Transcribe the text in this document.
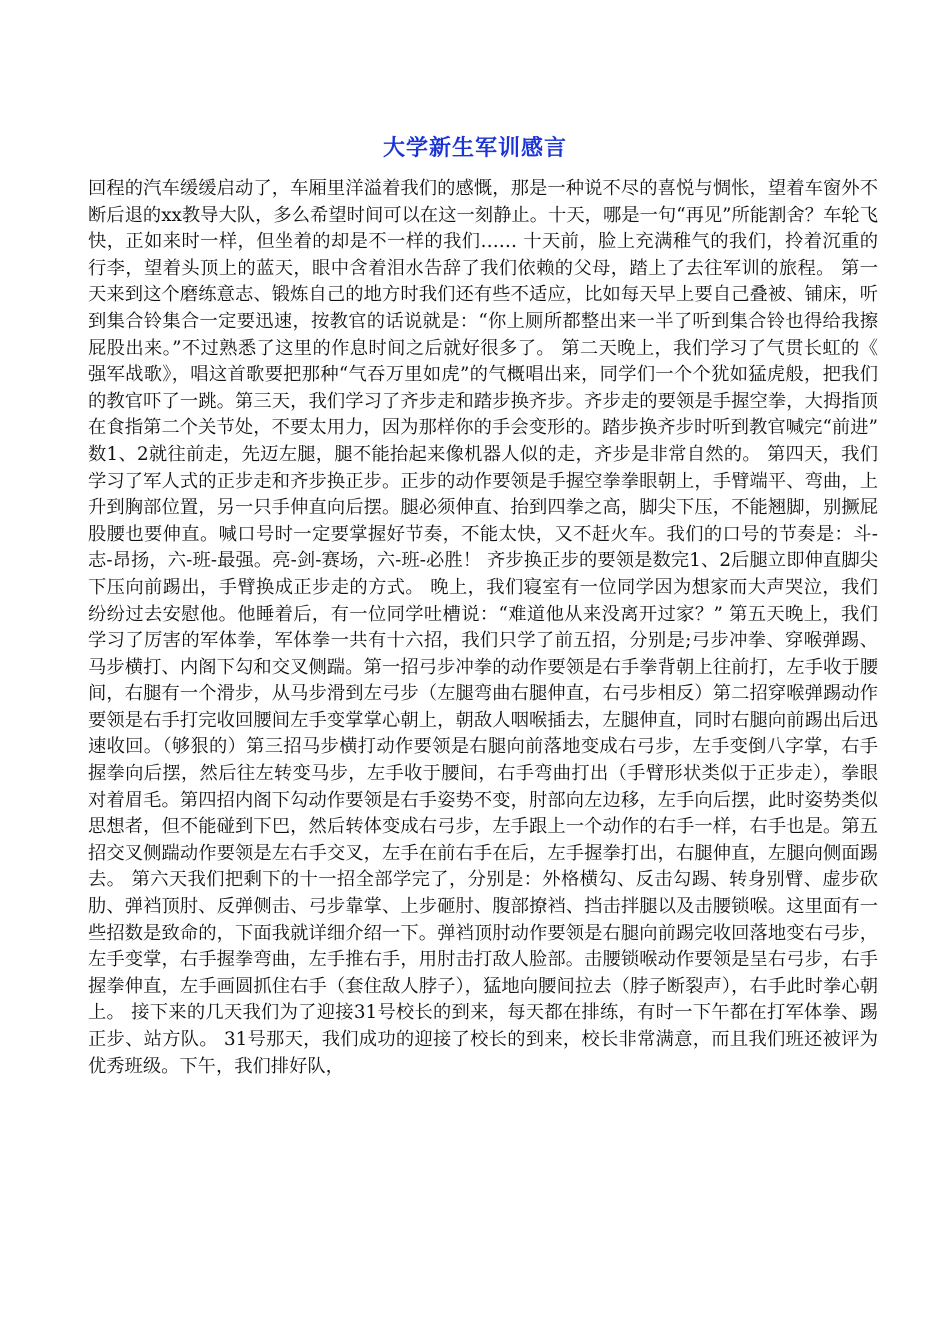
大学新生军训感言
回程的汽车缓缓启动了，车厢里洋溢着我们的感慨，那是一种说不尽的喜悦与惆怅，望着车窗外不断后退的xx教导大队，多么希望时间可以在这一刻静止。十天，哪是一句“再见”所能割舍？车轮飞快，正如来时一样，但坐着的却是不一样的我们…… 十天前，脸上充满稚气的我们，拎着沉重的行李，望着头顶上的蓝天，眼中含着泪水告辞了我们依赖的父母，踏上了去往军训的旅程。 第一天来到这个磨练意志、锻炼自己的地方时我们还有些不适应，比如每天早上要自己叠被、铺床，听到集合铃集合一定要迅速，按教官的话说就是：“你上厕所都整出来一半了听到集合铃也得给我擦屁股出来。”不过熟悉了这里的作息时间之后就好很多了。 第二天晚上，我们学习了气贯长虹的《强军战歌》，唱这首歌要把那种“气吞万里如虎”的气概唱出来，同学们一个个犹如猛虎般，把我们的教官吓了一跳。第三天，我们学习了齐步走和踏步换齐步。齐步走的要领是手握空拳，大拇指顶在食指第二个关节处，不要太用力，因为那样你的手会变形的。踏步换齐步时听到教官喊完“前进”数1、2就往前走，先迈左腿，腿不能抬起来像机器人似的走，齐步是非常自然的。 第四天，我们学习了军人式的正步走和齐步换正步。正步的动作要领是手握空拳拳眼朝上，手臂端平、弯曲，上升到胸部位置，另一只手伸直向后摆。腿必须伸直、抬到四拳之高，脚尖下压，不能翘脚，别撅屁股腰也要伸直。喊口号时一定要掌握好节奏，不能太快，又不赶火车。我们的口号的节奏是：斗-志-昂扬，六-班-最强。亮-剑-赛场，六-班-必胜！ 齐步换正步的要领是数完1、2后腿立即伸直脚尖下压向前踢出，手臂换成正步走的方式。 晚上，我们寝室有一位同学因为想家而大声哭泣，我们纷纷过去安慰他。他睡着后，有一位同学吐槽说：“难道他从来没离开过家？” 第五天晚上，我们学习了厉害的军体拳，军体拳一共有十六招，我们只学了前五招，分别是;弓步冲拳、穿喉弹踢、马步横打、内阁下勾和交叉侧踹。第一招弓步冲拳的动作要领是右手拳背朝上往前打，左手收于腰间，右腿有一个滑步，从马步滑到左弓步（左腿弯曲右腿伸直，右弓步相反）第二招穿喉弹踢动作要领是右手打完收回腰间左手变掌掌心朝上，朝敌人咽喉插去，左腿伸直，同时右腿向前踢出后迅速收回。（够狠的）第三招马步横打动作要领是右腿向前落地变成右弓步，左手变倒八字掌，右手握拳向后摆，然后往左转变马步，左手收于腰间，右手弯曲打出（手臂形状类似于正步走），拳眼对着眉毛。第四招内阁下勾动作要领是右手姿势不变，肘部向左边移，左手向后摆，此时姿势类似思想者，但不能碰到下巴，然后转体变成右弓步，左手跟上一个动作的右手一样，右手也是。第五招交叉侧踹动作要领是左右手交叉，左手在前右手在后，左手握拳打出，右腿伸直，左腿向侧面踢去。 第六天我们把剩下的十一招全部学完了，分别是：外格横勾、反击勾踢、转身别臂、虚步砍肋、弹裆顶肘、反弹侧击、弓步靠掌、上步砸肘、腹部撩裆、挡击拌腿以及击腰锁喉。这里面有一些招数是致命的，下面我就详细介绍一下。弹裆顶肘动作要领是右腿向前踢完收回落地变右弓步，左手变掌，右手握拳弯曲，左手推右手，用肘击打敌人脸部。击腰锁喉动作要领是呈右弓步，右手握拳伸直，左手画圆抓住右手（套住敌人脖子），猛地向腰间拉去（脖子断裂声），右手此时拳心朝上。 接下来的几天我们为了迎接31号校长的到来，每天都在排练，有时一下午都在打军体拳、踢正步、站方队。 31号那天，我们成功的迎接了校长的到来，校长非常满意，而且我们班还被评为优秀班级。下午，我们排好队，
